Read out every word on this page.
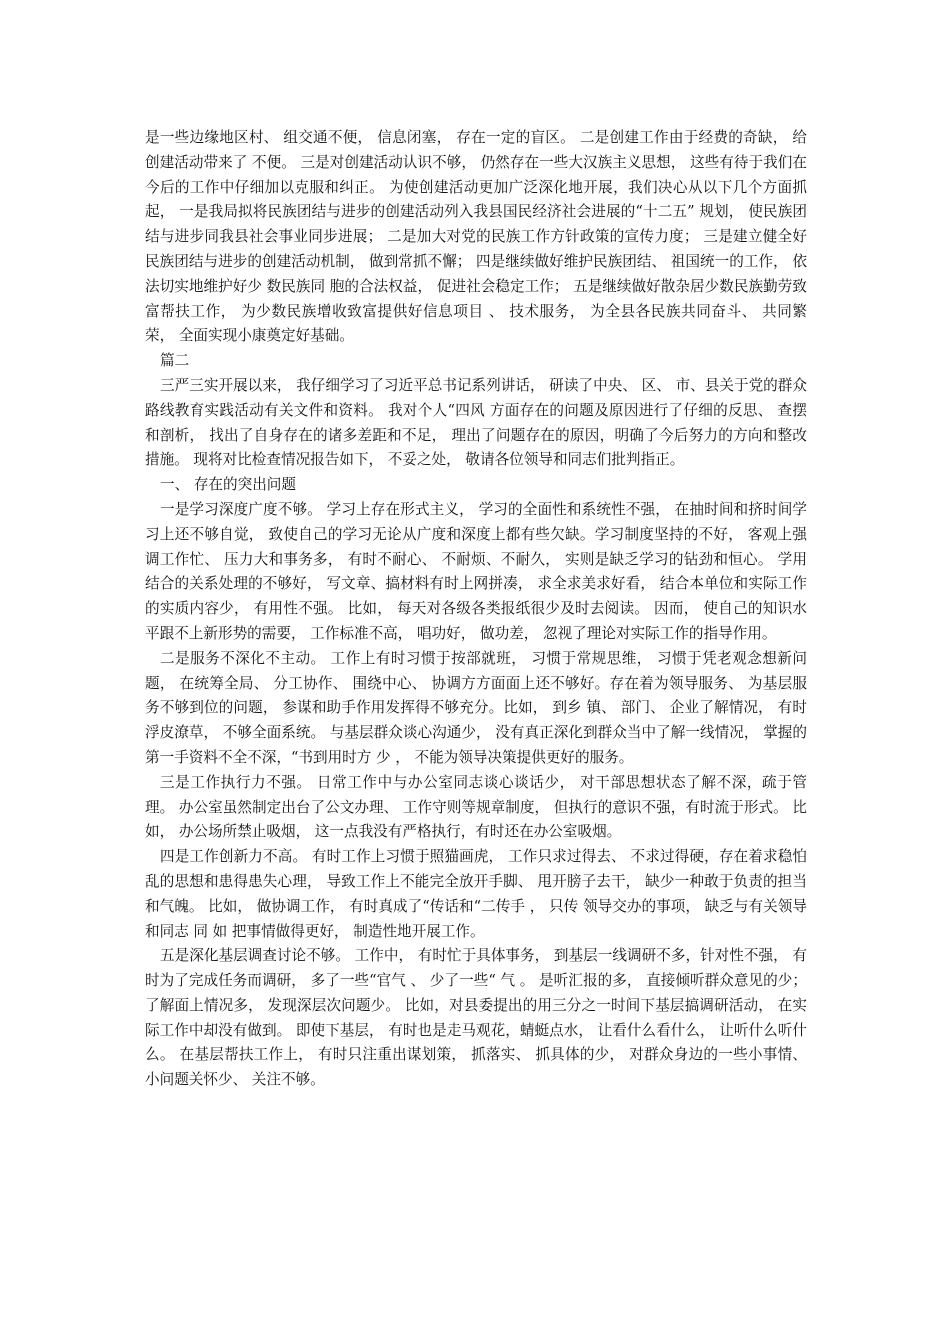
是一些边缘地区村、 组交通不便， 信息闭塞， 存在一定的盲区。 二是创建工作由于经费的奇缺， 给创建活动带来了 不便。 三是对创建活动认识不够， 仍然存在一些大汉族主义思想， 这些有待于我们在今后的工作中仔细加以克服和纠正。 为使创建活动更加广泛深化地开展，我们决心从以下几个方面抓起， 一是我局拟将民族团结与进步的创建活动列入我县国民经济社会进展的“十二五” 规划， 使民族团结与进步同我县社会事业同步进展； 二是加大对党的民族工作方针政策的宣传力度； 三是建立健全好民族团结与进步的创建活动机制， 做到常抓不懈； 四是继续做好维护民族团结、 祖国统一的工作， 依法切实地维护好少 数民族同 胞的合法权益， 促进社会稳定工作； 五是继续做好散杂居少数民族勤劳致富帮扶工作， 为少数民族增收致富提供好信息项目 、 技术服务， 为全县各民族共同奋斗、 共同繁荣， 全面实现小康奠定好基础。

篇二

三严三实开展以来， 我仔细学习了习近平总书记系列讲话， 研读了中央、 区、 市、县关于党的群众路线教育实践活动有关文件和资料。 我对个人“四风 方面存在的问题及原因进行了仔细的反思、 查摆和剖析， 找出了自身存在的诸多差距和不足， 理出了问题存在的原因，明确了今后努力的方向和整改措施。 现将对比检查情况报告如下， 不妥之处， 敬请各位领导和同志们批判指正。

一、 存在的突出问题

一是学习深度广度不够。 学习上存在形式主义， 学习的全面性和系统性不强， 在抽时间和挤时间学习上还不够自觉， 致使自己的学习无论从广度和深度上都有些欠缺。学习制度坚持的不好， 客观上强调工作忙、 压力大和事务多， 有时不耐心、 不耐烦、不耐久， 实则是缺乏学习的钻劲和恒心。 学用结合的关系处理的不够好， 写文章、搞材料有时上网拼凑， 求全求美求好看， 结合本单位和实际工作的实质内容少， 有用性不强。 比如， 每天对各级各类报纸很少及时去阅读。 因而， 使自己的知识水平跟不上新形势的需要， 工作标准不高， 唱功好， 做功差， 忽视了理论对实际工作的指导作用。

二是服务不深化不主动。 工作上有时习惯于按部就班， 习惯于常规思维， 习惯于凭老观念想新问题， 在统筹全局、 分工协作、 围绕中心、 协调方方面面上还不够好。存在着为领导服务、 为基层服务不够到位的问题， 参谋和助手作用发挥得不够充分。比如， 到乡 镇、 部门、 企业了解情况， 有时浮皮潦草， 不够全面系统。 与基层群众谈心沟通少， 没有真正深化到群众当中了解一线情况， 掌握的第一手资料不全不深，“书到用时方 少 ， 不能为领导决策提供更好的服务。

三是工作执行力不强。 日常工作中与办公室同志谈心谈话少， 对干部思想状态了解不深，疏于管理。 办公室虽然制定出台了公文办理、 工作守则等规章制度， 但执行的意识不强，有时流于形式。 比如， 办公场所禁止吸烟， 这一点我没有严格执行，有时还在办公室吸烟。

四是工作创新力不高。 有时工作上习惯于照猫画虎， 工作只求过得去、 不求过得硬，存在着求稳怕乱的思想和患得患失心理， 导致工作上不能完全放开手脚、 甩开膀子去干， 缺少一种敢于负责的担当和气魄。 比如， 做协调工作， 有时真成了“传话和“二传手 ， 只传 领导交办的事项， 缺乏与有关领导和同志 同 如 把事情做得更好， 制造性地开展工作。

五是深化基层调查讨论不够。 工作中， 有时忙于具体事务， 到基层一线调研不多，针对性不强， 有时为了完成任务而调研， 多了一些“官气 、 少了一些“ 气 。 是听汇报的多， 直接倾听群众意见的少； 了解面上情况多， 发现深层次问题少。 比如，对县委提出的用三分之一时间下基层搞调研活动， 在实际工作中却没有做到。 即使下基层， 有时也是走马观花，蜻蜓点水， 让看什么看什么， 让听什么听什么。 在基层帮扶工作上， 有时只注重出谋划策， 抓落实、 抓具体的少， 对群众身边的一些小事情、 小问题关怀少、 关注不够。
